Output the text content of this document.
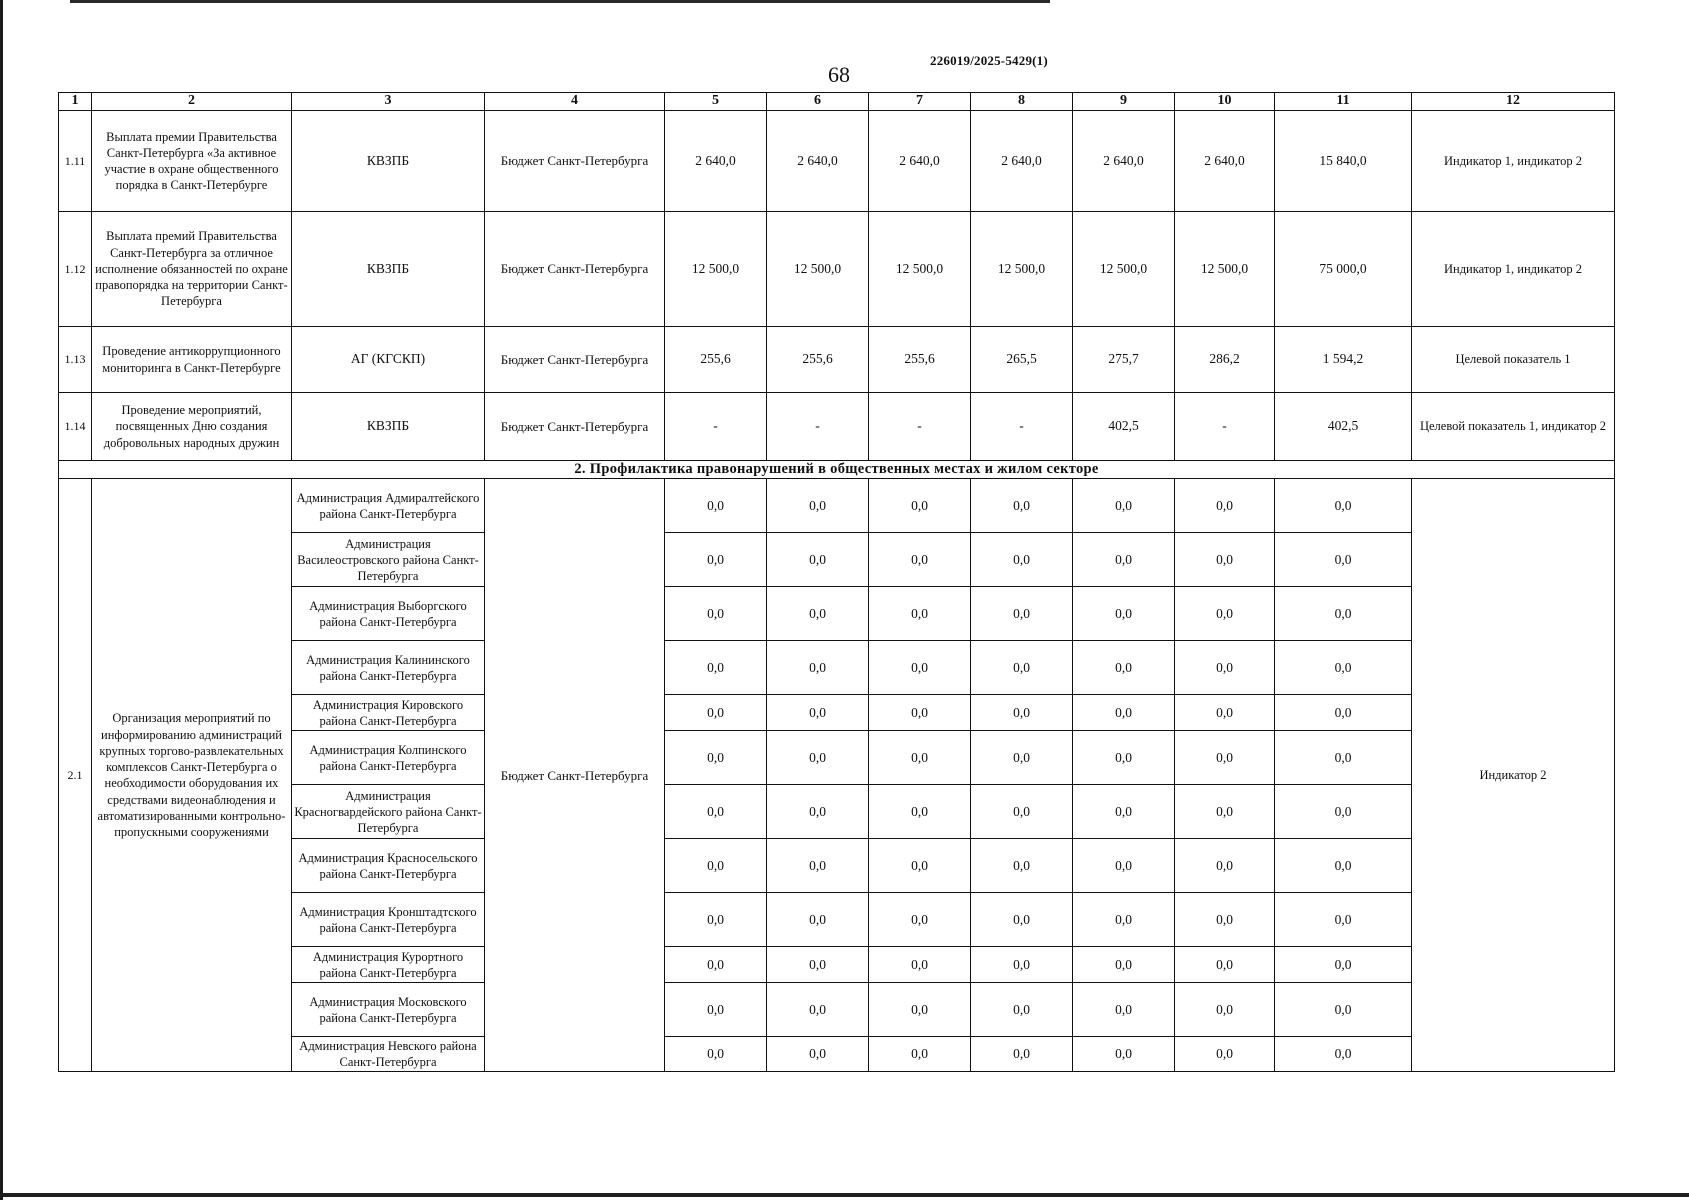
226019/2025-5429(1)
68
1	2	3	4	5	6	7	8	9	10	11	12
1.11	Выплата премии Правительства Санкт-Петербурга «За активное участие в охране общественного порядка в Санкт-Петербурге	КВЗПБ	Бюджет Санкт-Петербурга	2 640,0	2 640,0	2 640,0	2 640,0	2 640,0	2 640,0	15 840,0	Индикатор 1, индикатор 2
1.12	Выплата премий Правительства Санкт-Петербурга за отличное исполнение обязанностей по охране правопорядка на территории Санкт-Петербурга	КВЗПБ	Бюджет Санкт-Петербурга	12 500,0	12 500,0	12 500,0	12 500,0	12 500,0	12 500,0	75 000,0	Индикатор 1, индикатор 2
1.13	Проведение антикоррупционного мониторинга в Санкт-Петербурге	АГ (КГСКП)	Бюджет Санкт-Петербурга	255,6	255,6	255,6	265,5	275,7	286,2	1 594,2	Целевой показатель 1
1.14	Проведение мероприятий, посвященных Дню создания добровольных народных дружин	КВЗПБ	Бюджет Санкт-Петербурга	-	-	-	-	402,5	-	402,5	Целевой показатель 1, индикатор 2
2. Профилактика правонарушений в общественных местах и жилом секторе											
2.1	Организация мероприятий по информированию администраций крупных торгово-развлекательных комплексов Санкт-Петербурга о необходимости оборудования их средствами видеонаблюдения и автоматизированными контрольно-пропускными сооружениями	Администрация Адмиралтейского района Санкт-Петербурга	Бюджет Санкт-Петербурга	0,0	0,0	0,0	0,0	0,0	0,0	0,0	Индикатор 2
		Администрация Василеостровского района Санкт-Петербурга		0,0	0,0	0,0	0,0	0,0	0,0	0,0	
		Администрация Выборгского района Санкт-Петербурга		0,0	0,0	0,0	0,0	0,0	0,0	0,0	
		Администрация Калининского района Санкт-Петербурга		0,0	0,0	0,0	0,0	0,0	0,0	0,0	
		Администрация Кировского района Санкт-Петербурга		0,0	0,0	0,0	0,0	0,0	0,0	0,0	
		Администрация Колпинского района Санкт-Петербурга		0,0	0,0	0,0	0,0	0,0	0,0	0,0	
		Администрация Красногвардейского района Санкт-Петербурга		0,0	0,0	0,0	0,0	0,0	0,0	0,0	
		Администрация Красносельского района Санкт-Петербурга		0,0	0,0	0,0	0,0	0,0	0,0	0,0	
		Администрация Кронштадтского района Санкт-Петербурга		0,0	0,0	0,0	0,0	0,0	0,0	0,0	
		Администрация Курортного района Санкт-Петербурга		0,0	0,0	0,0	0,0	0,0	0,0	0,0	
		Администрация Московского района Санкт-Петербурга		0,0	0,0	0,0	0,0	0,0	0,0	0,0	
		Администрация Невского района Санкт-Петербурга		0,0	0,0	0,0	0,0	0,0	0,0	0,0	
